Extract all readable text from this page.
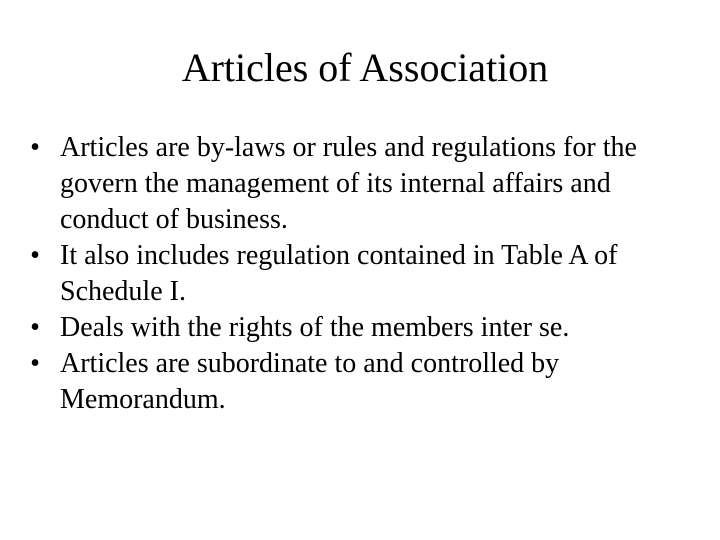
Articles of Association
• Articles are by-laws or rules and regulations for the govern the management of its internal affairs and conduct of business.
• It also includes regulation contained in Table A of Schedule I.
• Deals with the rights of the members inter se.
• Articles are subordinate to and controlled by Memorandum.
